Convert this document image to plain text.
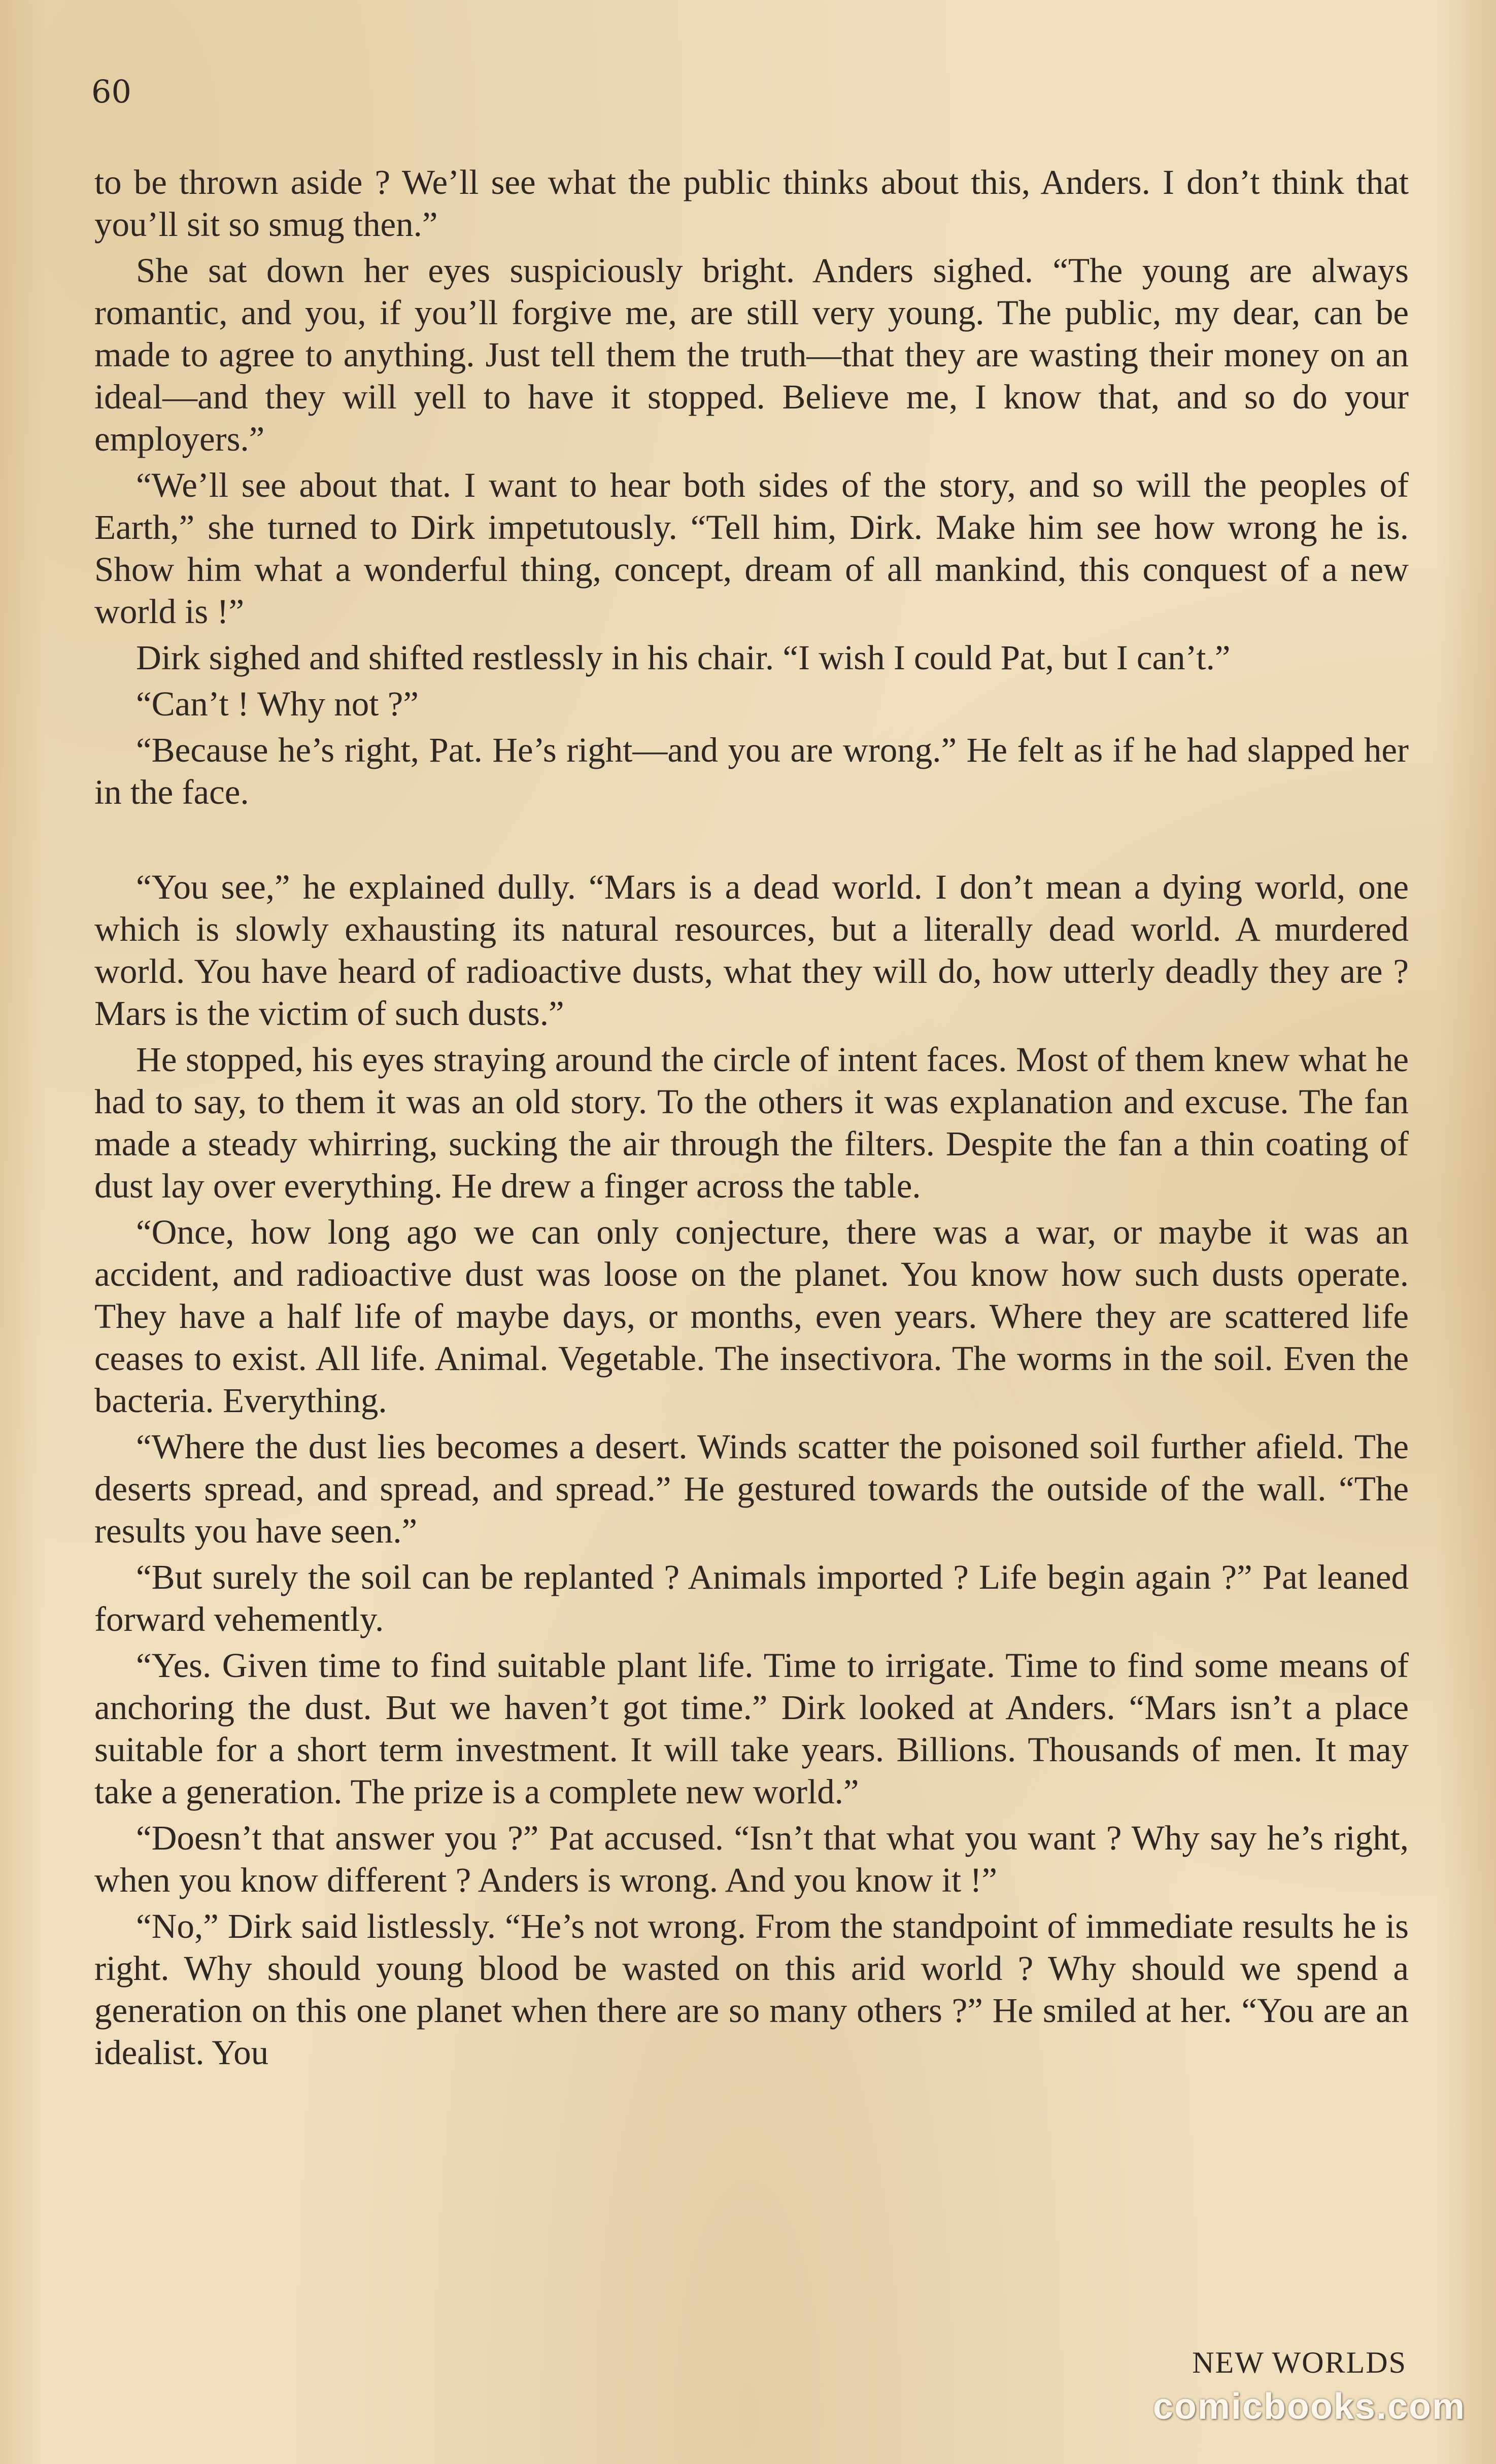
60

to be thrown aside ? We’ll see what the public thinks about this, Anders. I don’t think that you’ll sit so smug then.”

She sat down her eyes suspiciously bright. Anders sighed. “The young are always romantic, and you, if you’ll forgive me, are still very young. The public, my dear, can be made to agree to anything. Just tell them the truth—that they are wasting their money on an ideal—and they will yell to have it stopped. Believe me, I know that, and so do your employers.”

“We’ll see about that. I want to hear both sides of the story, and so will the peoples of Earth,” she turned to Dirk impetutously. “Tell him, Dirk. Make him see how wrong he is. Show him what a wonderful thing, concept, dream of all mankind, this conquest of a new world is !”

Dirk sighed and shifted restlessly in his chair. “I wish I could Pat, but I can’t.”

“Can’t ! Why not ?”

“Because he’s right, Pat. He’s right—and you are wrong.” He felt as if he had slapped her in the face.

“You see,” he explained dully. “Mars is a dead world. I don’t mean a dying world, one which is slowly exhausting its natural resources, but a literally dead world. A murdered world. You have heard of radioactive dusts, what they will do, how utterly deadly they are ? Mars is the victim of such dusts.”

He stopped, his eyes straying around the circle of intent faces. Most of them knew what he had to say, to them it was an old story. To the others it was explanation and excuse. The fan made a steady whirring, sucking the air through the filters. Despite the fan a thin coating of dust lay over everything. He drew a finger across the table.

“Once, how long ago we can only conjecture, there was a war, or maybe it was an accident, and radioactive dust was loose on the planet. You know how such dusts operate. They have a half life of maybe days, or months, even years. Where they are scattered life ceases to exist. All life. Animal. Vegetable. The insectivora. The worms in the soil. Even the bacteria. Everything.

“Where the dust lies becomes a desert. Winds scatter the poisoned soil further afield. The deserts spread, and spread, and spread.” He gestured towards the outside of the wall. “The results you have seen.”

“But surely the soil can be replanted ? Animals imported ? Life begin again ?” Pat leaned forward vehemently.

“Yes. Given time to find suitable plant life. Time to irrigate. Time to find some means of anchoring the dust. But we haven’t got time.” Dirk looked at Anders. “Mars isn’t a place suitable for a short term investment. It will take years. Billions. Thousands of men. It may take a generation. The prize is a complete new world.”

“Doesn’t that answer you ?” Pat accused. “Isn’t that what you want ? Why say he’s right, when you know different ? Anders is wrong. And you know it !”

“No,” Dirk said listlessly. “He’s not wrong. From the standpoint of immediate results he is right. Why should young blood be wasted on this arid world ? Why should we spend a generation on this one planet when there are so many others ?” He smiled at her. “You are an idealist. You

NEW WORLDS
comicbooks.com
